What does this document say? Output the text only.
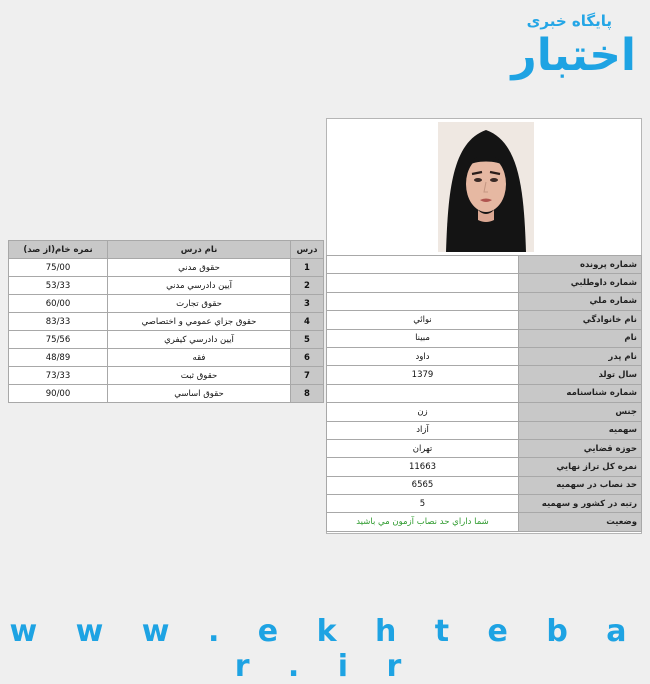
پایگاه خبری
اختبار
درس	نام درس	نمره خام(از صد)
1	حقوق مدني	75/00
2	آيين دادرسي مدني	53/33
3	حقوق تجارت	60/00
4	حقوق جزاي عمومي و اختصاصي	83/33
5	آيين دادرسي کيفري	75/56
6	فقه	48/89
7	حقوق ثبت	73/33
8	حقوق اساسي	90/00
شماره پرونده	
شماره داوطلبي	
شماره ملي	
نام خانوادگي	نوائي
نام	مبينا
نام پدر	داود
سال تولد	1379
شماره شناسنامه	
جنس	زن
سهميه	آزاد
حوزه قضايي	تهران
نمره کل تراز نهايي	11663
حد نصاب در سهميه	6565
رتبه در کشور و سهميه	5
وضعيت	شما داراي حد نصاب آزمون مي باشيد
w w w . e k h t e b a r . i r
